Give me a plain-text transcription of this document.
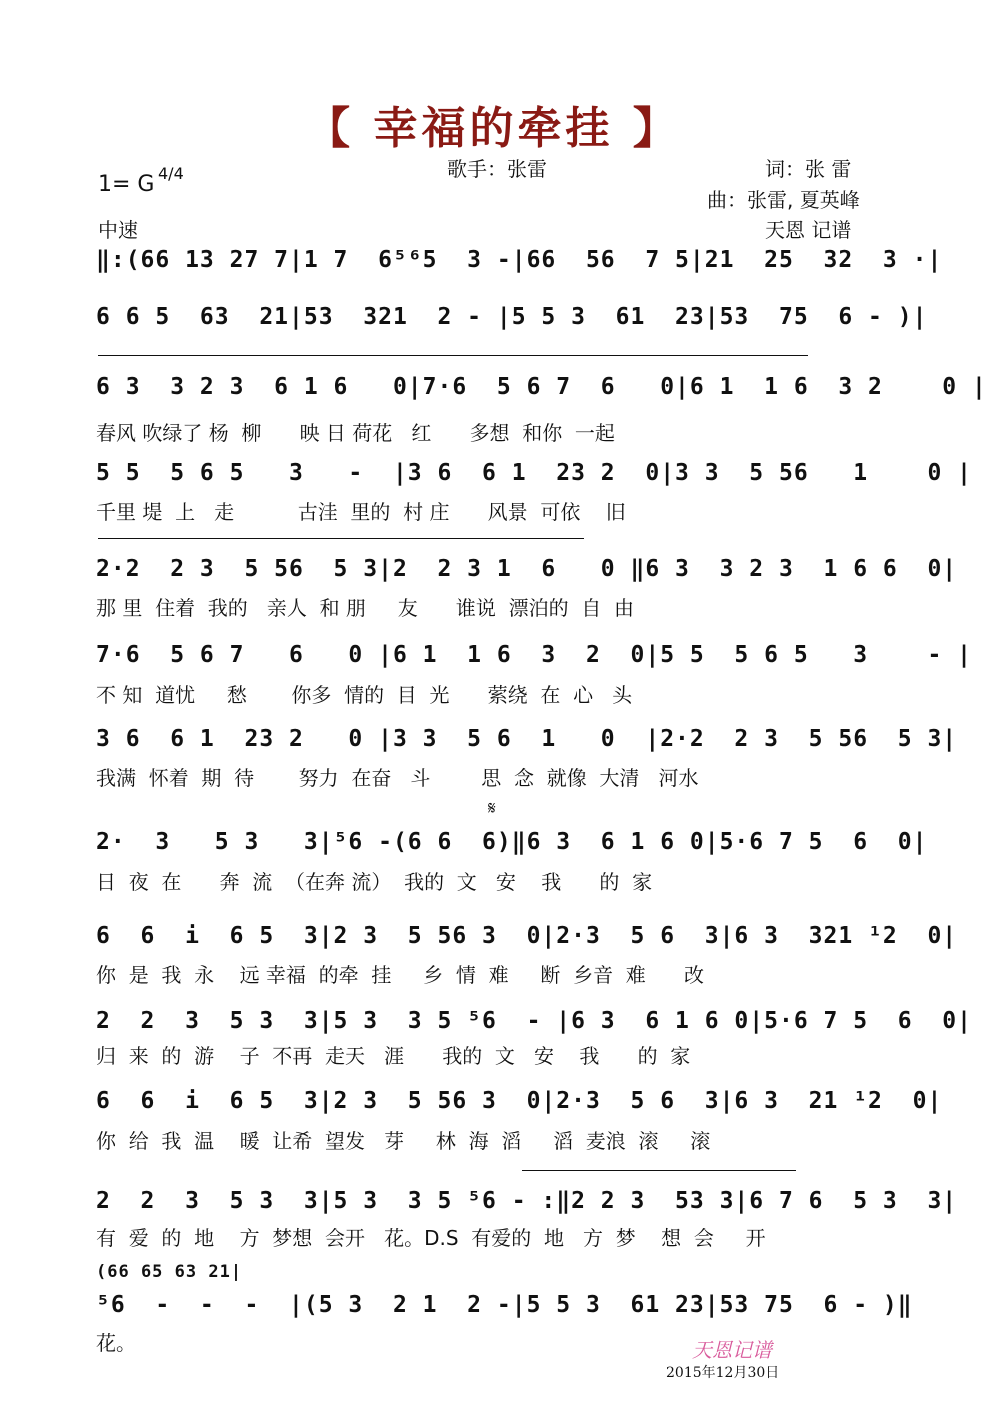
【 幸福的牵挂 】
歌手：张雷	词：张 雷
1= G 4/4
曲：张雷, 夏英峰
中速	天恩 记谱
‖:(66 13 27 7|1 7  6⁵⁶5  3 -|66  56  7 5|21  25  32  3 ·|
6 6 5  63  21|53  321  2 - |5 5 3  61  23|53  75  6 - )|
6 3  3 2 3  6 1 6   0|7·6  5 6 7  6   0|6 1  1 6  3 2    0 |
春风 吹绿了 杨  柳      映 日 荷花   红      多想  和你  一起
5 5  5 6 5   3   -  |3 6  6 1  23 2  0|3 3  5 56   1    0 |
千里 堤  上   走          古洼  里的  村 庄      风景  可依    旧
2·2  2 3  5 56  5 3|2  2 3 1  6   0 ‖6 3  3 2 3  1 6 6  0|
那 里  住着  我的   亲人  和 朋     友      谁说  漂泊的  自  由
7·6  5 6 7   6   0 |6 1  1 6  3  2  0|5 5  5 6 5   3    - |
不 知  道忧     愁       你多  情的  目  光      萦绕  在  心   头
3 6  6 1  23 2   0 |3 3  5 6  1   0  |2·2  2 3  5 56  5 3|
我满  怀着  期  待       努力  在奋   斗        思  念  就像  大清   河水
𝄋
2·  3   5 3   3|⁵6 -(6 6  6)‖6 3  6 1 6 0|5·6 7 5  6  0|
日  夜  在      奔  流  （在奔 流）  我的  文   安    我      的  家
6  6  i  6 5  3|2 3  5 56 3  0|2·3  5 6  3|6 3  321 ¹2  0|
你  是  我  永    远 幸福  的牵  挂     乡  情  难     断  乡音  难      改
2  2  3  5 3  3|5 3  3 5 ⁵6  - |6 3  6 1 6 0|5·6 7 5  6  0|
归  来  的  游    子  不再  走天   涯      我的  文   安    我      的  家
6  6  i  6 5  3|2 3  5 56 3  0|2·3  5 6  3|6 3  21 ¹2  0|
你  给  我  温    暖  让希  望发   芽     林  海  滔     滔  麦浪  滚     滚
2  2  3  5 3  3|5 3  3 5 ⁵6 - :‖2 2 3  53 3|6 7 6  5 3  3|
有  爱  的  地    方  梦想  会开   花。D.S  有爱的  地   方  梦    想  会     开
(66 65 63 21|
⁵6  -  -  -  |(5 3  2 1  2 -|5 5 3  61 23|53 75  6 - )‖
花。	天恩记谱
2015年12月30日
